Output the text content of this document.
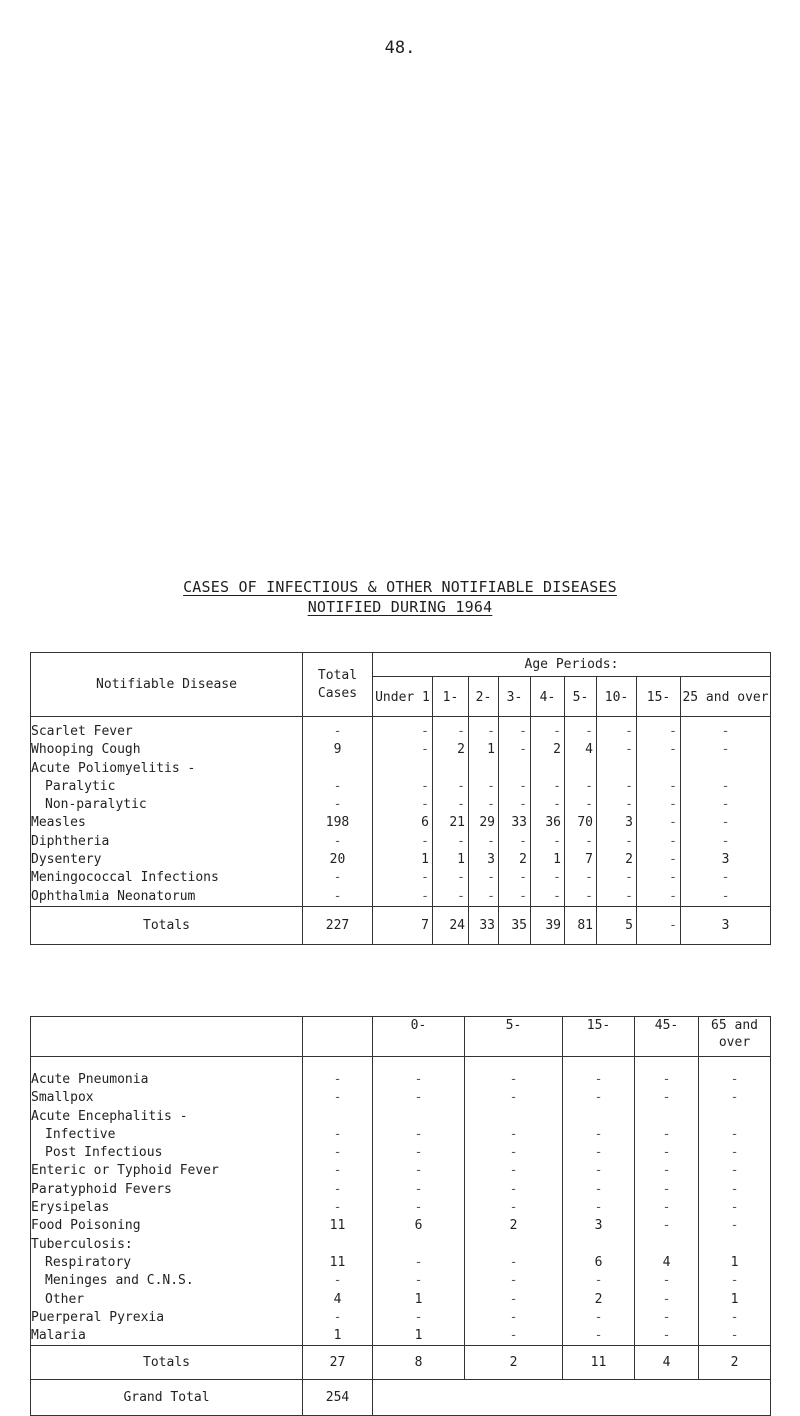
48.
CASES OF INFECTIOUS & OTHER NOTIFIABLE DISEASES
NOTIFIED DURING 1964
Notifiable Disease	Total Cases	Age Periods:								
		Under 1	1-	2-	3-	4-	5-	10-	15-	25 and over
Scarlet Fever	-	-	-	-	-	-	-	-	-	-
Whooping Cough	9	-	2	1	-	2	4	-	-	-
Acute Poliomyelitis -										
Paralytic	-	-	-	-	-	-	-	-	-	-
Non-paralytic	-	-	-	-	-	-	-	-	-	-
Measles	198	6	21	29	33	36	70	3	-	-
Diphtheria	-	-	-	-	-	-	-	-	-	-
Dysentery	20	1	1	3	2	1	7	2	-	3
Meningococcal Infections	-	-	-	-	-	-	-	-	-	-
Ophthalmia Neonatorum	-	-	-	-	-	-	-	-	-	-
Totals	227	7	24	33	35	39	81	5	-	3
		0-	5-	15-	45-	65 and over
Acute Pneumonia	-	-	-	-	-	-
Smallpox	-	-	-	-	-	-
Acute Encephalitis -						
Infective	-	-	-	-	-	-
Post Infectious	-	-	-	-	-	-
Enteric or Typhoid Fever	-	-	-	-	-	-
Paratyphoid Fevers	-	-	-	-	-	-
Erysipelas	-	-	-	-	-	-
Food Poisoning	11	6	2	3	-	-
Tuberculosis:						
Respiratory	11	-	-	6	4	1
Meninges and C.N.S.	-	-	-	-	-	-
Other	4	1	-	2	-	1
Puerperal Pyrexia	-	-	-	-	-	-
Malaria	1	1	-	-	-	-
Totals	27	8	2	11	4	2
Grand Total	254					
